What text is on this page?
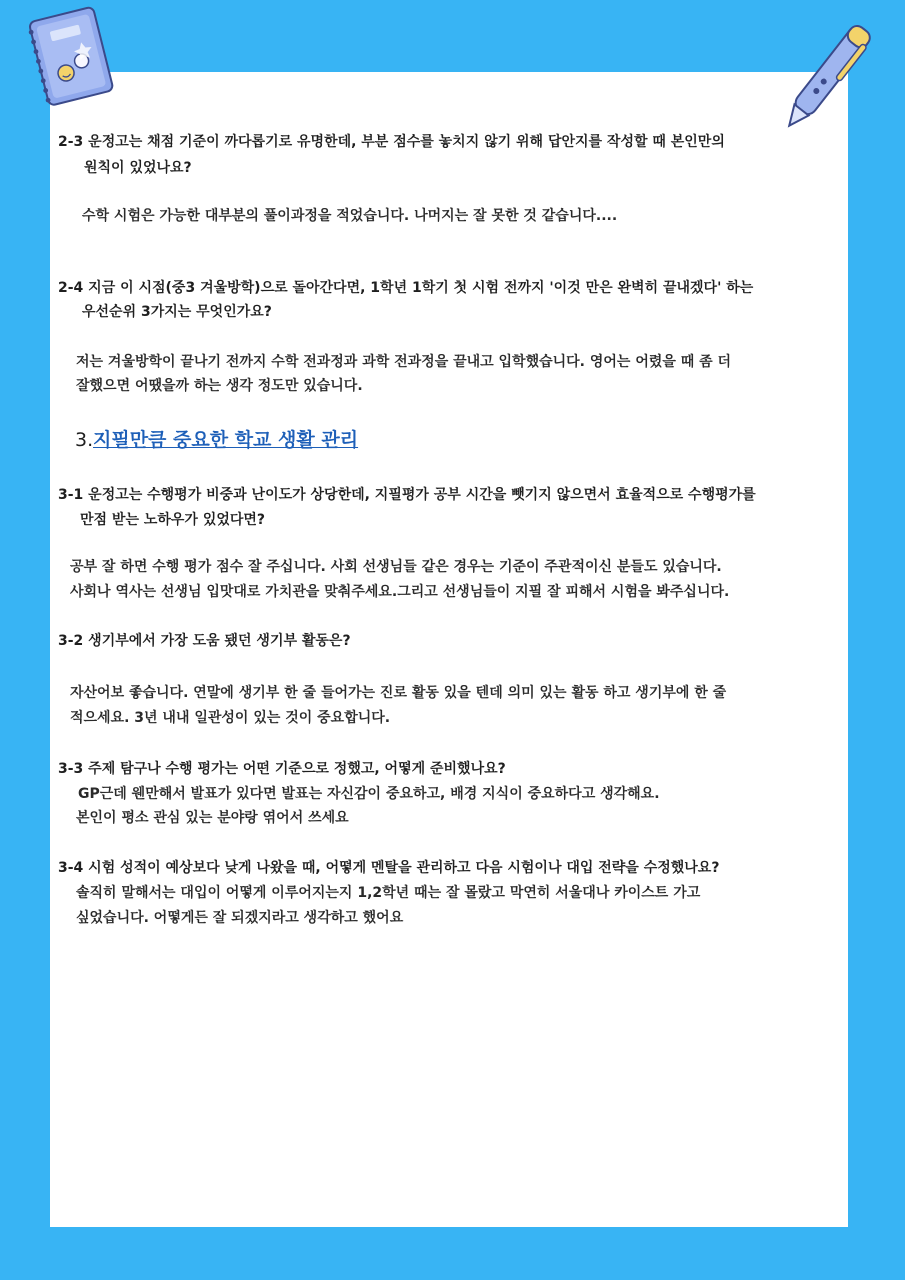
2-3 운정고는 채점 기준이 까다롭기로 유명한데, 부분 점수를 놓치지 않기 위해 답안지를 작성할 때 본인만의

원칙이 있었나요?

수학 시험은 가능한 대부분의 풀이과정을 적었습니다. 나머지는 잘 못한 것 같습니다....

2-4 지금 이 시점(중3 겨울방학)으로 돌아간다면, 1학년 1학기 첫 시험 전까지 '이것 만은 완벽히 끝내겠다' 하는

우선순위 3가지는 무엇인가요?

저는 겨울방학이 끝나기 전까지 수학 전과정과 과학 전과정을 끝내고 입학했습니다. 영어는 어렸을 때 좀 더

잘했으면 어땠을까 하는 생각 정도만 있습니다.

3. 지필만큼 중요한 학교 생활 관리

3-1 운정고는 수행평가 비중과 난이도가 상당한데, 지필평가 공부 시간을 뺏기지 않으면서 효율적으로 수행평가를

만점 받는 노하우가 있었다면?

공부 잘 하면 수행 평가 점수 잘 주십니다. 사회 선생님들 같은 경우는 기준이 주관적이신 분들도 있습니다.

사회나 역사는 선생님 입맛대로 가치관을 맞춰주세요.그리고 선생님들이 지필 잘 피해서 시험을 봐주십니다.

3-2 생기부에서 가장 도움 됐던 생기부 활동은?

자산어보 좋습니다. 연말에 생기부 한 줄 들어가는 진로 활동 있을 텐데 의미 있는 활동 하고 생기부에 한 줄

적으세요. 3년 내내 일관성이 있는 것이 중요합니다.

3-3 주제 탐구나 수행 평가는 어떤 기준으로 정했고, 어떻게 준비했나요?

GP근데 웬만해서 발표가 있다면 발표는 자신감이 중요하고, 배경 지식이 중요하다고 생각해요.

본인이 평소 관심 있는 분야랑 엮어서 쓰세요

3-4 시험 성적이 예상보다 낮게 나왔을 때, 어떻게 멘탈을 관리하고 다음 시험이나 대입 전략을 수정했나요?

솔직히 말해서는 대입이 어떻게 이루어지는지 1,2학년 때는 잘 몰랐고 막연히 서울대나 카이스트 가고

싶었습니다. 어떻게든 잘 되겠지라고 생각하고 했어요
